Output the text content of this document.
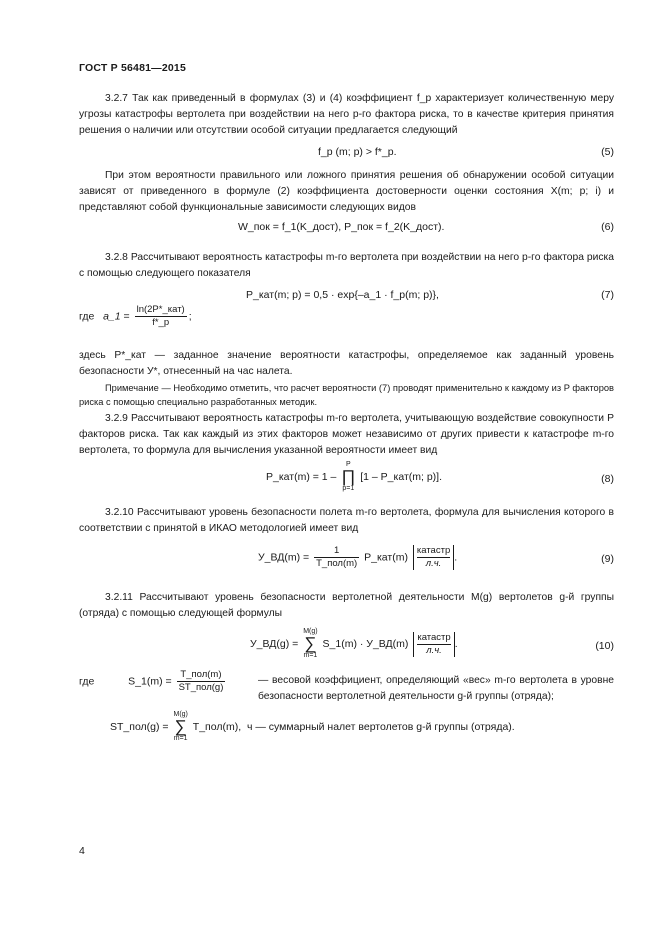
ГОСТ Р 56481—2015
3.2.7 Так как приведенный в формулах (3) и (4) коэффициент f_p характеризует количественную меру угрозы катастрофы вертолета при воздействии на него p-го фактора риска, то в качестве критерия принятия решения о наличии или отсутствии особой ситуации предлагается следующий
f_p (m; p) > f*_p.	(5)
При этом вероятности правильного или ложного принятия решения об обнаружении особой ситуации зависят от приведенного в формуле (2) коэффициента достоверности оценки состояния X(m; p; i) и представляют собой функциональные зависимости следующих видов
W_пок = f_1(K_дост), P_пок = f_2(K_дост).	(6)
3.2.8 Рассчитывают вероятность катастрофы m-го вертолета при воздействии на него p-го фактора риска с помощью следующего показателя
P_кат(m; p) = 0,5 · exp{–a_1 · f_p(m; p)},	(7)
где a_1 = $\frac{\text{ln(2P*\_кат)}}{f*\_p}$ ;
здесь P*_кат — заданное значение вероятности катастрофы, определяемое как заданный уровень безопасности У*, отнесенный на час налета.
Примечание — Необходимо отметить, что расчет вероятности (7) проводят применительно к каждому из P факторов риска с помощью специально разработанных методик.
3.2.9 Рассчитывают вероятность катастрофы m-го вертолета, учитывающую воздействие совокупности P факторов риска. Так как каждый из этих факторов может независимо от других привести к катастрофе m-го вертолета, то формула для вычисления указанной вероятности имеет вид
P_кат(m) = 1 – P
∏
p=1 [1 – P_кат(m; p)].	(8)
3.2.10 Рассчитывают уровень безопасности полета m-го вертолета, формула для вычисления которого в соответствии с принятой в ИКАО методологией имеет вид
У_ВД(m) = $\frac{1}{\text{T\_пол(m)}}$ P_кат(m)
катастр
л.ч.
.	(9)
3.2.11 Рассчитывают уровень безопасности вертолетной деятельности M(g) вертолетов g-й группы (отряда) с помощью следующей формулы
У_ВД(g) = M(g)
∑
m=1 S_1(m) · У_ВД(m)
катастр
л.ч.
.	(10)
где	S_1(m) = $\frac{\text{T\_пол(m)}}{\text{ST\_пол(g)}}$	— весовой коэффициент, определяющий «вес» m-го вертолета в уровне безопасности вертолетной деятельности g-й группы (отряда);
ST_пол(g) = M(g)
∑
m=1 T_пол(m), ч — суммарный налет вертолетов g-й группы (отряда).
4
